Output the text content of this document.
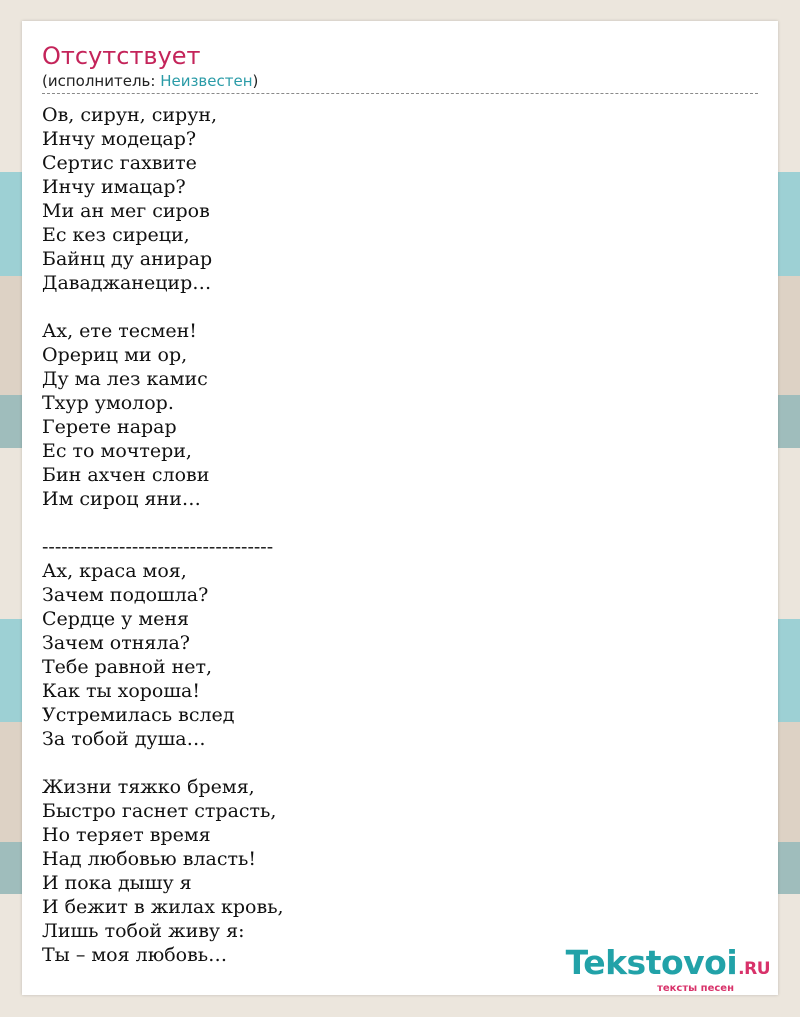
Отсутствует
(исполнитель: Неизвестен)
Ов, сирун, сирун,
Инчу модецар?
Сертис гахвите
Инчу имацар?
Ми ан мег сиров
Ес кез сиреци,
Байнц ду анирар
Даваджанецир…
Ах, ете тесмен!
Орериц ми ор,
Ду ма лез камис
Тхур умолор.
Герете нарар
Ес то мочтери,
Бин ахчен слови
Им сироц яни…
------------------------------------
Ах, краса моя,
Зачем подошла?
Сердце у меня
Зачем отняла?
Тебе равной нет,
Как ты хороша!
Устремилась вслед
За тобой душа…
Жизни тяжко бремя,
Быстро гаснет страсть,
Но теряет время
Над любовью власть!
И пока дышу я
И бежит в жилах кровь,
Лишь тобой живу я:
Ты – моя любовь…	Tekstovoi.RU
тексты песен
